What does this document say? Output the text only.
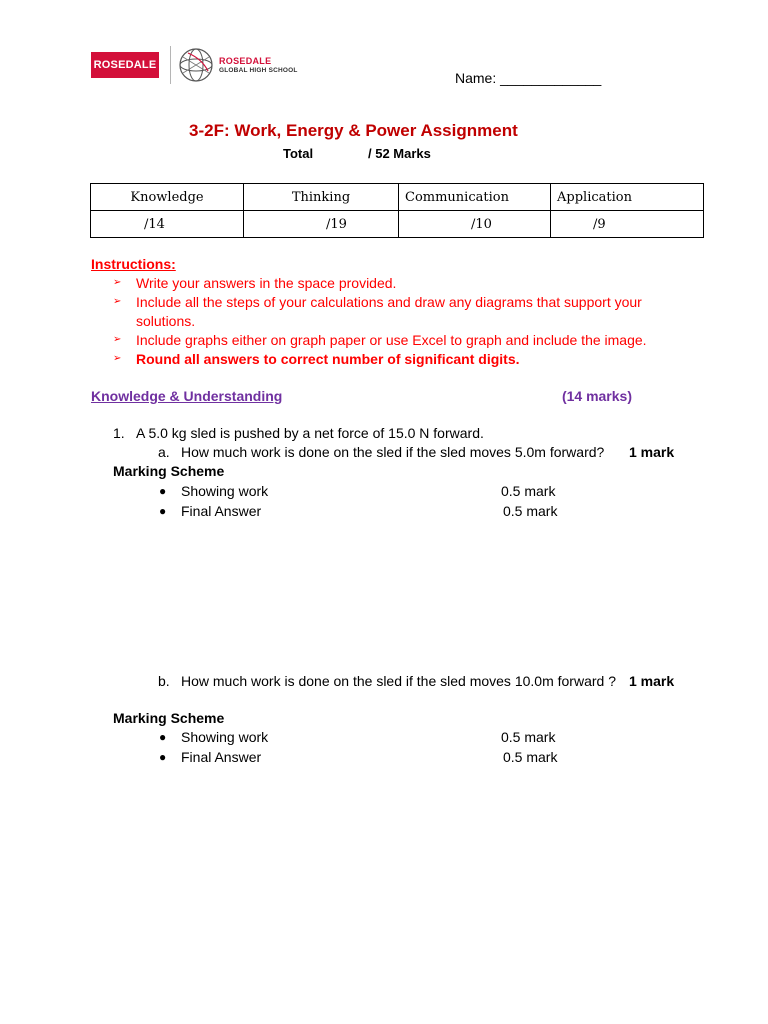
ROSEDALE	ROSEDALE
GLOBAL HIGH SCHOOL	Name: _____________
3-2F: Work, Energy & Power Assignment
Total	/ 52 Marks
Knowledge	Thinking	Communication	Application
/14	/19	/10	/9
Instructions:
➢ Write your answers in the space provided.
➢ Include all the steps of your calculations and draw any diagrams that support your
solutions.
➢ Include graphs either on graph paper or use Excel to graph and include the image.
➢ Round all answers to correct number of significant digits.
Knowledge & Understanding	(14 marks)
1. A 5.0 kg sled is pushed by a net force of 15.0 N forward.
a. How much work is done on the sled if the sled moves 5.0m forward? 1 mark
Marking Scheme
● Showing work	0.5 mark
● Final Answer	0.5 mark
b. How much work is done on the sled if the sled moves 10.0m forward ? 1 mark
Marking Scheme
● Showing work	0.5 mark
● Final Answer	0.5 mark
